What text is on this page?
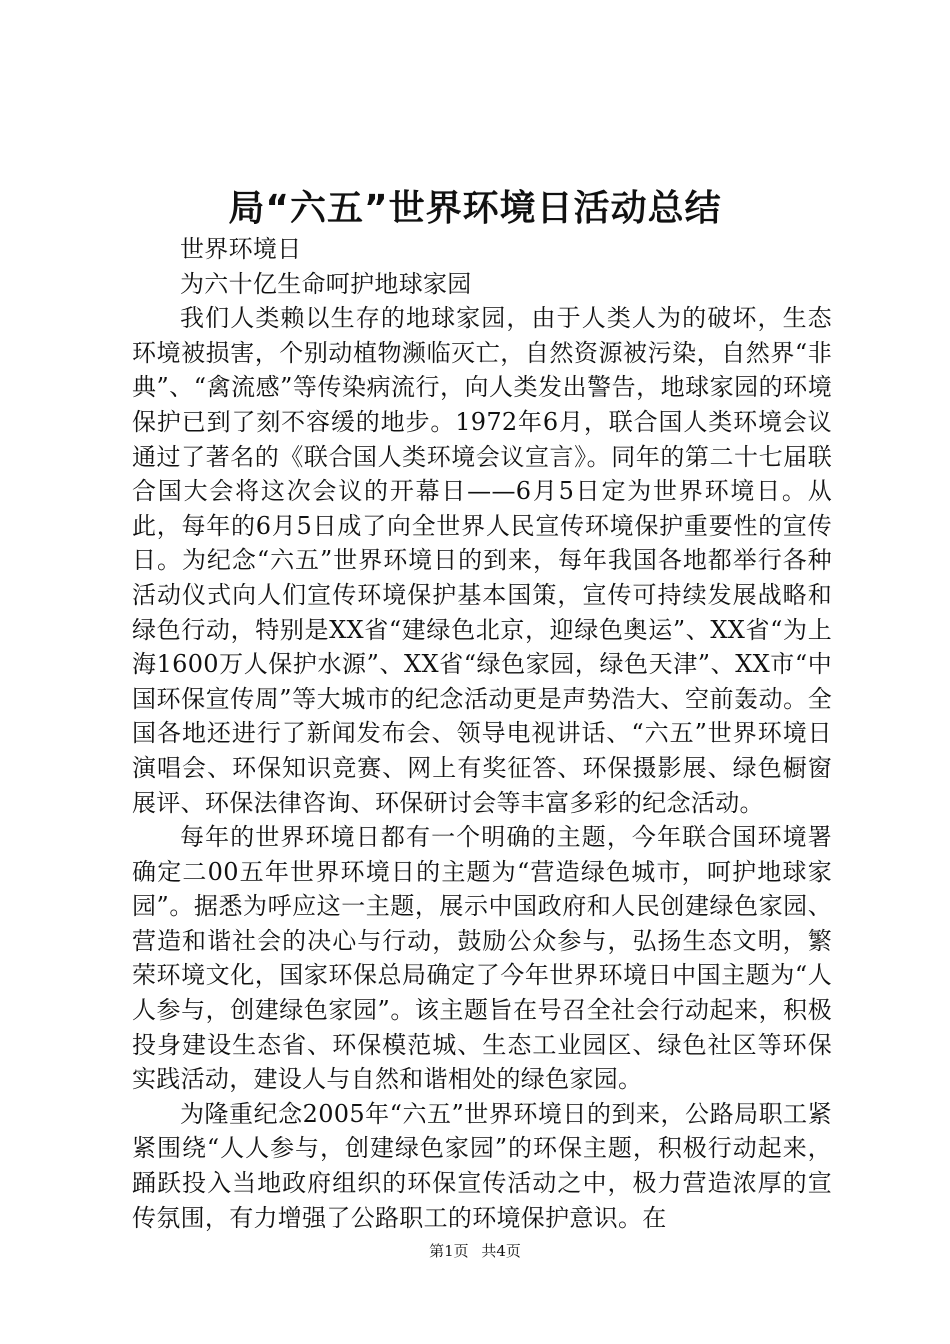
局“六五”世界环境日活动总结

世界环境日

为六十亿生命呵护地球家园

我们人类赖以生存的地球家园，由于人类人为的破坏，生态环境被损害，个别动植物濒临灭亡，自然资源被污染，自然界“非典”、“禽流感”等传染病流行，向人类发出警告，地球家园的环境保护已到了刻不容缓的地步。1972年6月，联合国人类环境会议通过了著名的《联合国人类环境会议宣言》。同年的第二十七届联合国大会将这次会议的开幕日——6月5日定为世界环境日。从此，每年的6月5日成了向全世界人民宣传环境保护重要性的宣传日。为纪念“六五”世界环境日的到来，每年我国各地都举行各种活动仪式向人们宣传环境保护基本国策，宣传可持续发展战略和绿色行动，特别是XX省“建绿色北京，迎绿色奥运”、XX省“为上海1600万人保护水源”、XX省“绿色家园，绿色天津”、XX市“中国环保宣传周”等大城市的纪念活动更是声势浩大、空前轰动。全国各地还进行了新闻发布会、领导电视讲话、“六五”世界环境日演唱会、环保知识竞赛、网上有奖征答、环保摄影展、绿色橱窗展评、环保法律咨询、环保研讨会等丰富多彩的纪念活动。

每年的世界环境日都有一个明确的主题，今年联合国环境署确定二00五年世界环境日的主题为“营造绿色城市，呵护地球家园”。据悉为呼应这一主题，展示中国政府和人民创建绿色家园、营造和谐社会的决心与行动，鼓励公众参与，弘扬生态文明，繁荣环境文化，国家环保总局确定了今年世界环境日中国主题为“人人参与，创建绿色家园”。该主题旨在号召全社会行动起来，积极投身建设生态省、环保模范城、生态工业园区、绿色社区等环保实践活动，建设人与自然和谐相处的绿色家园。

为隆重纪念2005年“六五”世界环境日的到来，公路局职工紧紧围绕“人人参与，创建绿色家园”的环保主题，积极行动起来，踊跃投入当地政府组织的环保宣传活动之中，极力营造浓厚的宣传氛围，有力增强了公路职工的环境保护意识。在

第1页 共4页
